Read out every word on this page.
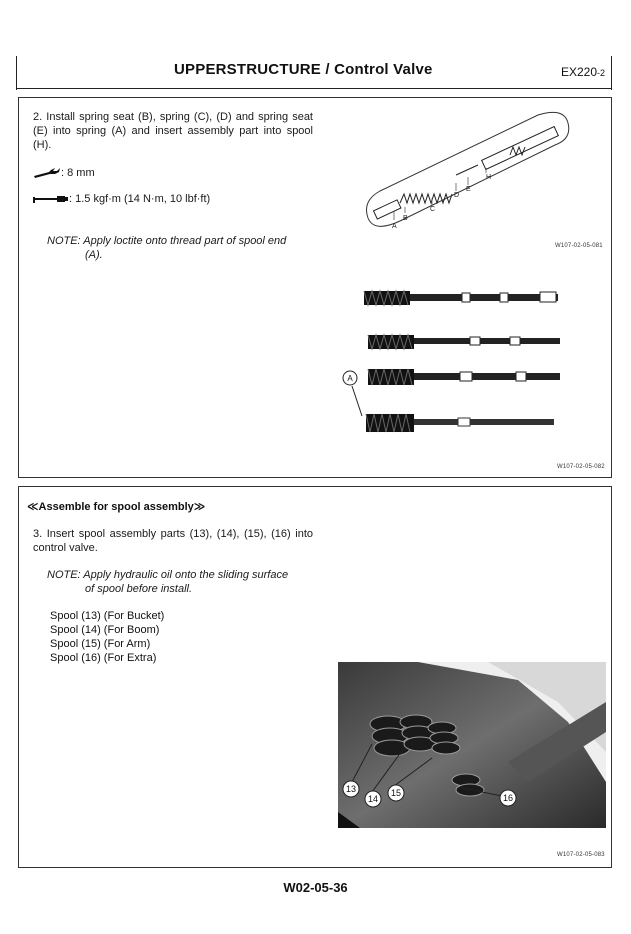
UPPERSTRUCTURE / Control Valve	EX220-2
2. Install spring seat (B), spring (C), (D) and spring seat (E) into spring (A) and insert assembly part into spool (H).
: 8 mm
: 1.5 kgf·m (14 N·m, 10 lbf·ft)
NOTE: Apply loctite onto thread part of spool end
(A).
A
B
C
D
E
H
W107-02-05-081
A
W107-02-05-082
≪Assemble for spool assembly≫
3. Insert spool assembly parts (13), (14), (15), (16) into control valve.
NOTE: Apply hydraulic oil onto the sliding surface
of spool before install.
Spool (13) (For Bucket)
Spool (14) (For Boom)
Spool (15) (For Arm)
Spool (16) (For Extra)
13
14
15	16
W107-02-05-083
W02-05-36
